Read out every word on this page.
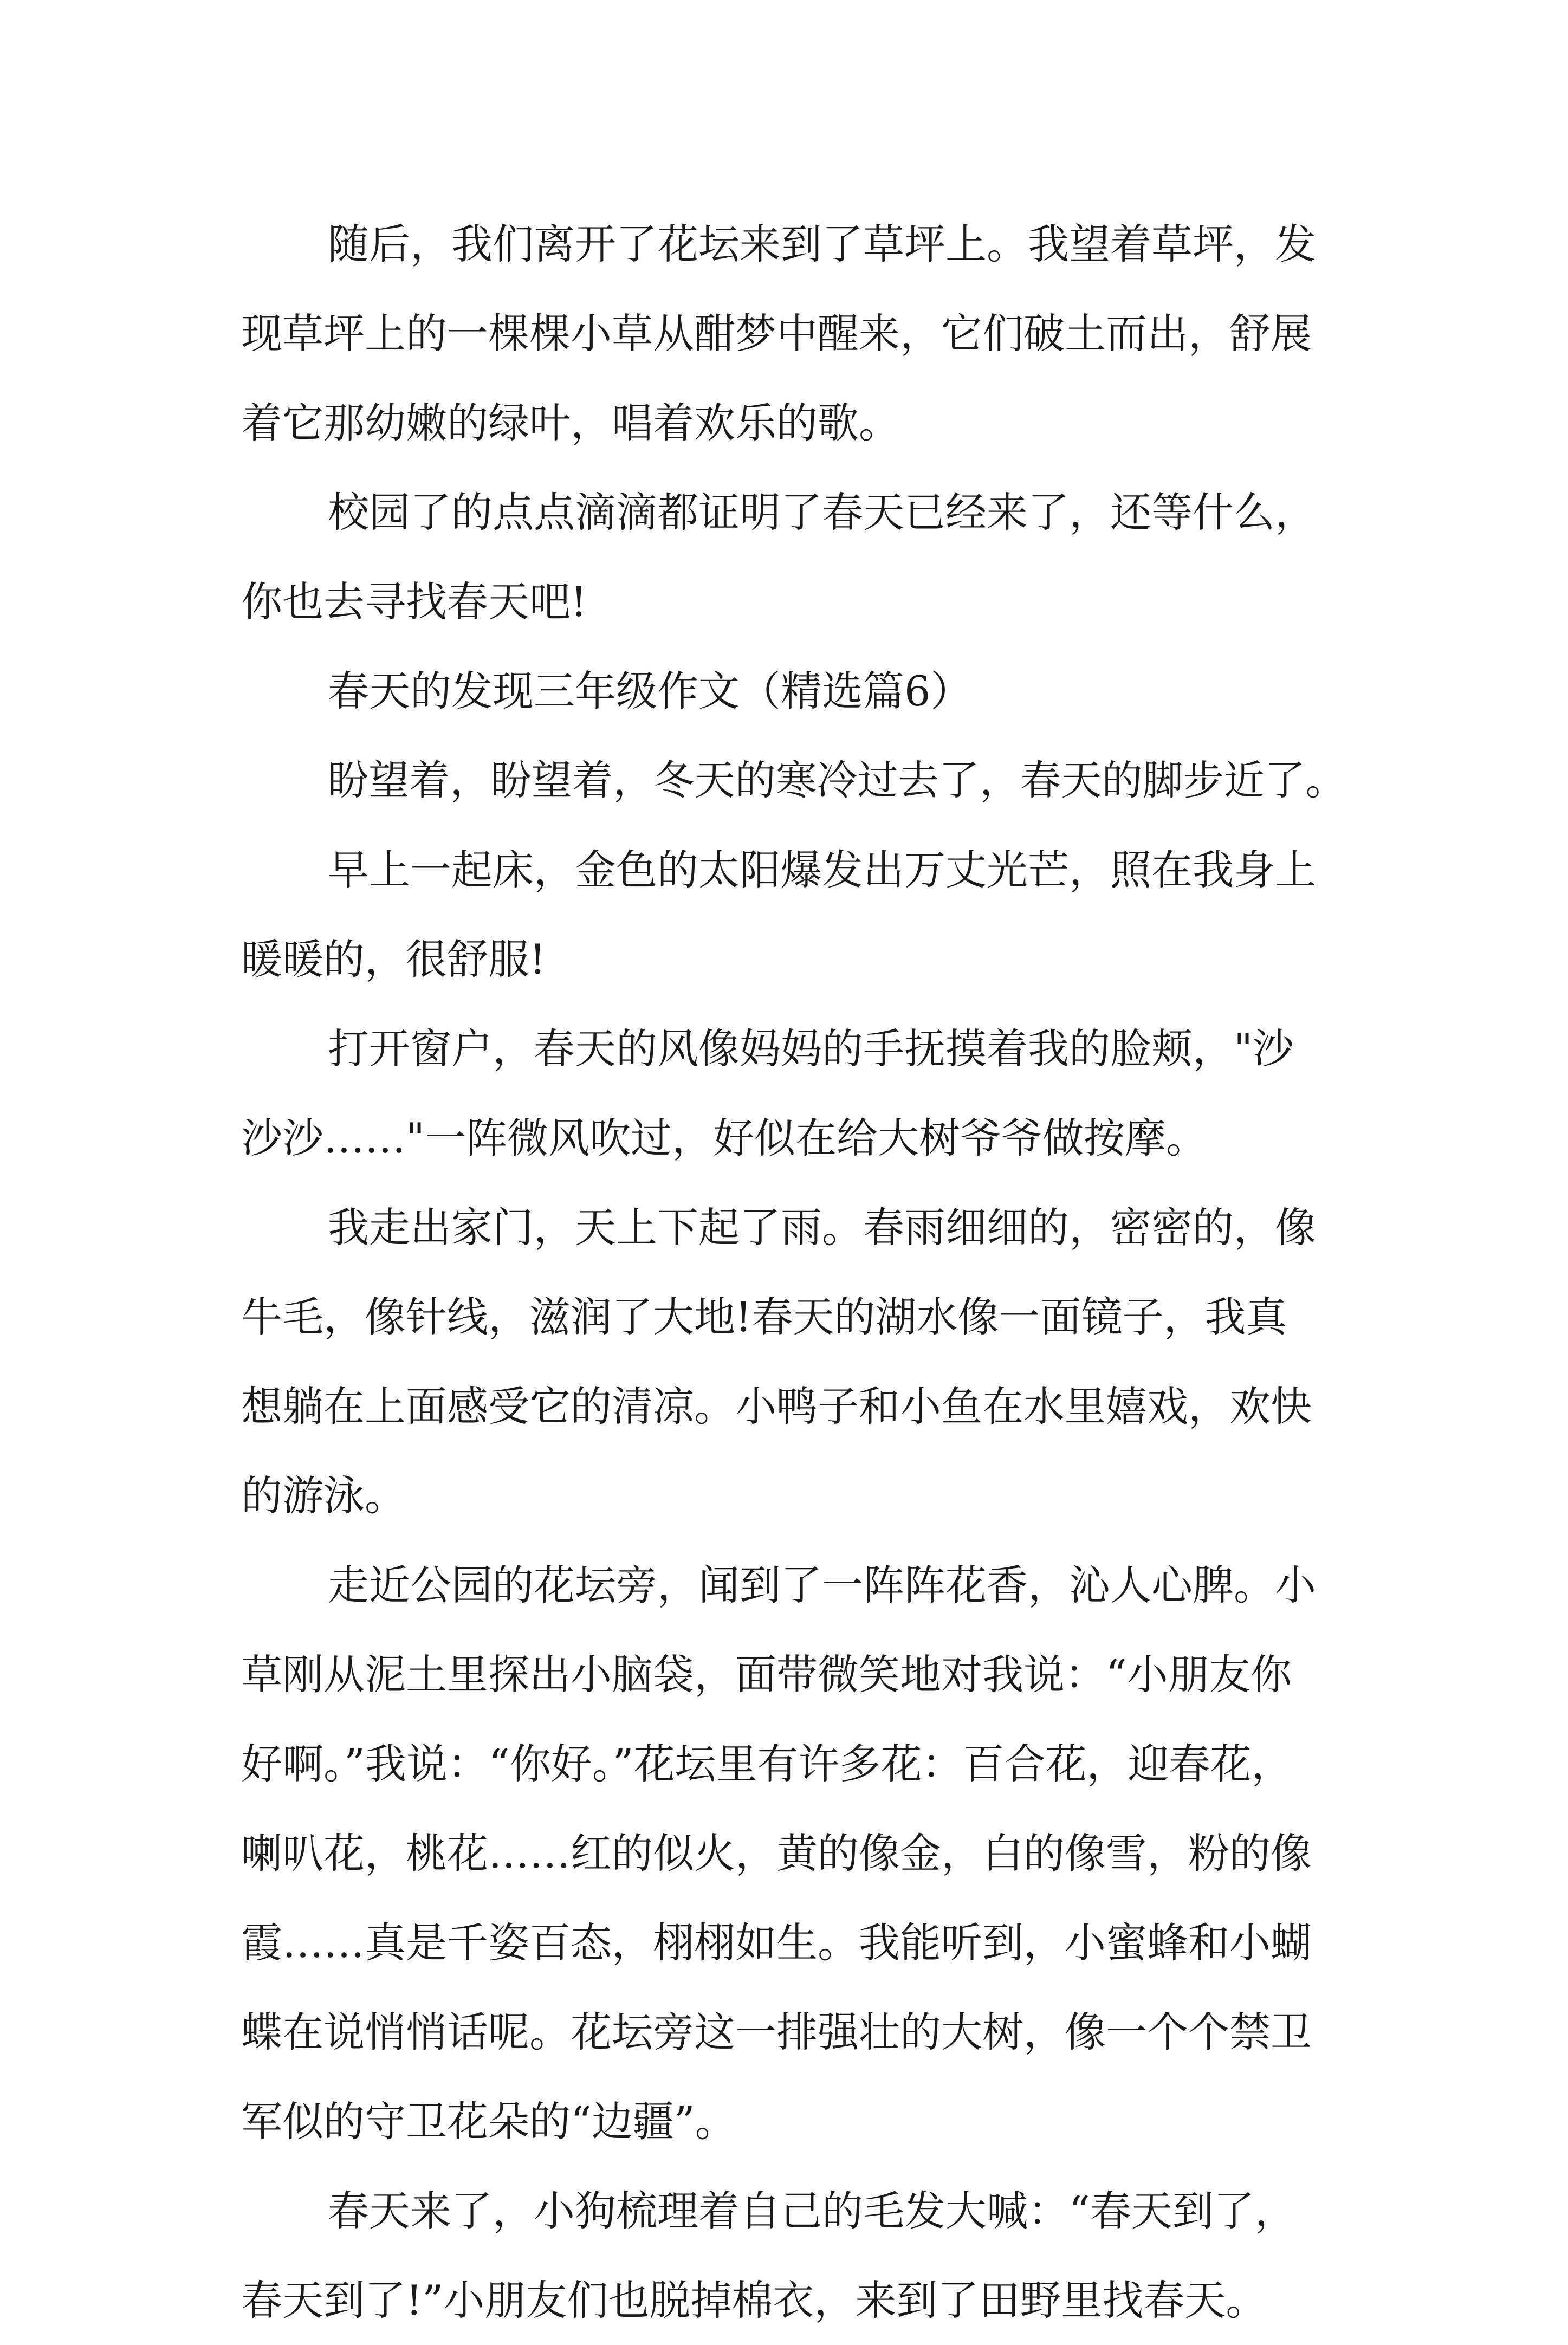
随后，我们离开了花坛来到了草坪上。我望着草坪，发
现草坪上的一棵棵小草从酣梦中醒来，它们破土而出，舒展
着它那幼嫩的绿叶，唱着欢乐的歌。
校园了的点点滴滴都证明了春天已经来了，还等什么，
你也去寻找春天吧!
春天的发现三年级作文（精选篇6）
盼望着，盼望着，冬天的寒冷过去了，春天的脚步近了。
早上一起床，金色的太阳爆发出万丈光芒，照在我身上
暖暖的，很舒服!
打开窗户，春天的风像妈妈的手抚摸着我的脸颊，"沙
沙沙……"一阵微风吹过，好似在给大树爷爷做按摩。
我走出家门，天上下起了雨。春雨细细的，密密的，像
牛毛，像针线，滋润了大地!春天的湖水像一面镜子，我真
想躺在上面感受它的清凉。小鸭子和小鱼在水里嬉戏，欢快
的游泳。
走近公园的花坛旁，闻到了一阵阵花香，沁人心脾。小
草刚从泥土里探出小脑袋，面带微笑地对我说：“小朋友你
好啊。”我说：“你好。”花坛里有许多花：百合花，迎春花，
喇叭花，桃花……红的似火，黄的像金，白的像雪，粉的像
霞……真是千姿百态，栩栩如生。我能听到，小蜜蜂和小蝴
蝶在说悄悄话呢。花坛旁这一排强壮的大树，像一个个禁卫
军似的守卫花朵的“边疆”。
春天来了，小狗梳理着自己的毛发大喊：“春天到了，
春天到了!”小朋友们也脱掉棉衣，来到了田野里找春天。
